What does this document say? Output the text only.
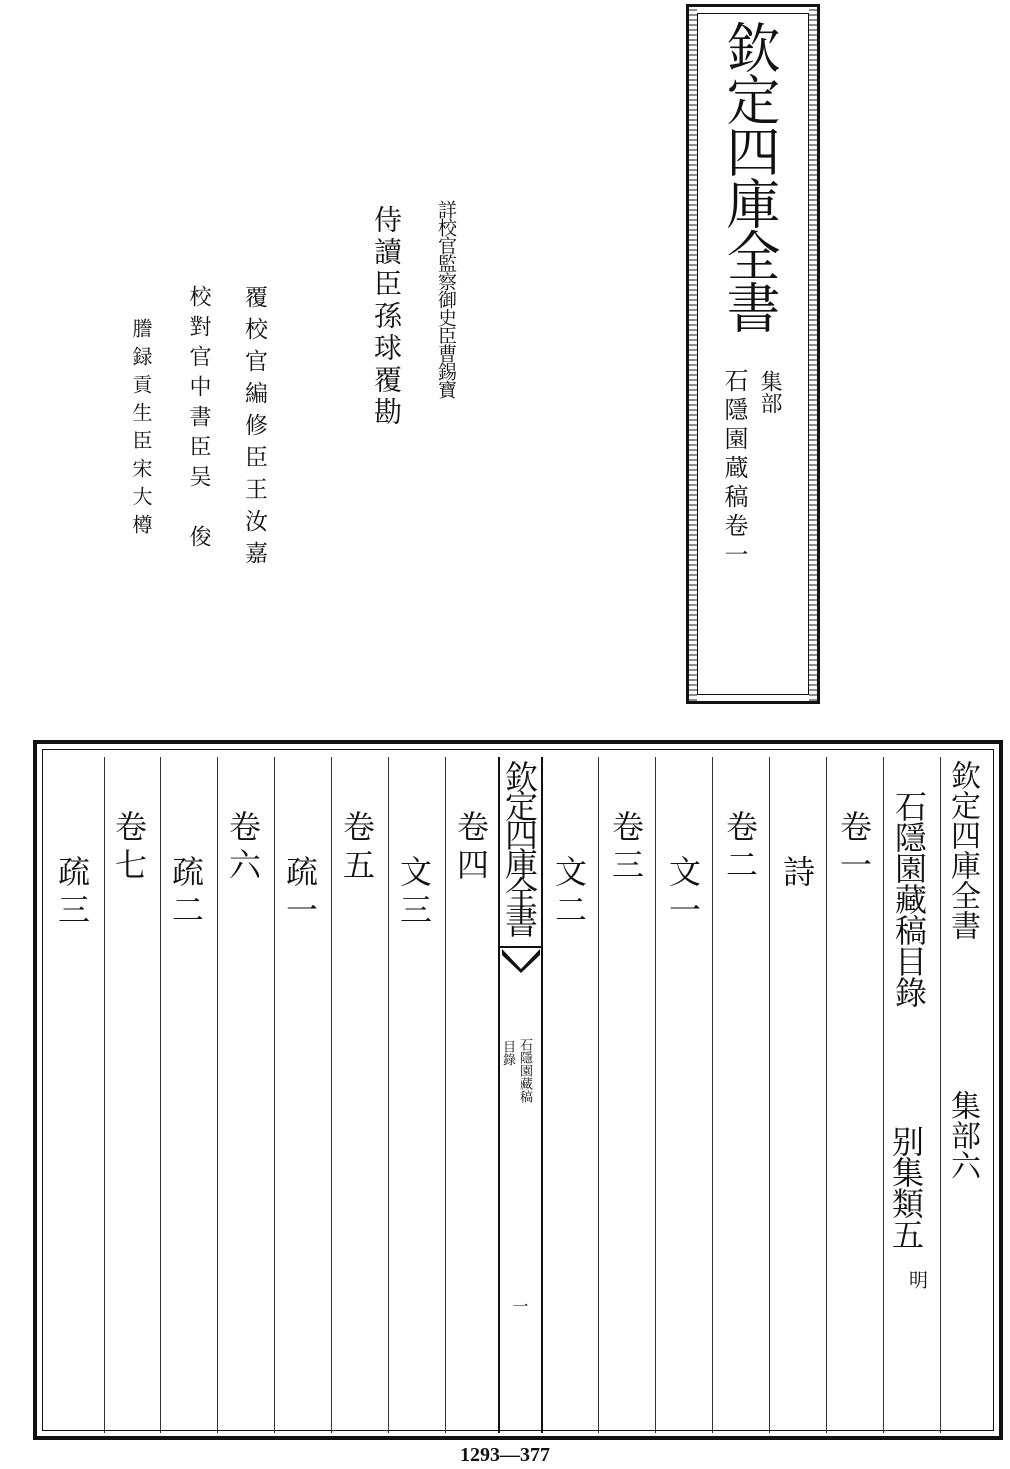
欽定四庫全書
集部
石隱園蔵稿卷一
詳校官監察御史臣曹錫寶
侍讀臣孫球覆勘
覆校官編修臣王汝嘉
校對官中書臣吴　俊
謄録貢生臣宋大樽
欽定四庫全書
集部六
石隱園藏稿目錄
别集類五
明
卷一
詩
卷二
文一
卷三
文二
卷四
文三
卷五
疏一
卷六
疏二
卷七
疏三	欽定四庫全書
石隱園藏稿
目錄
一
1293—377
